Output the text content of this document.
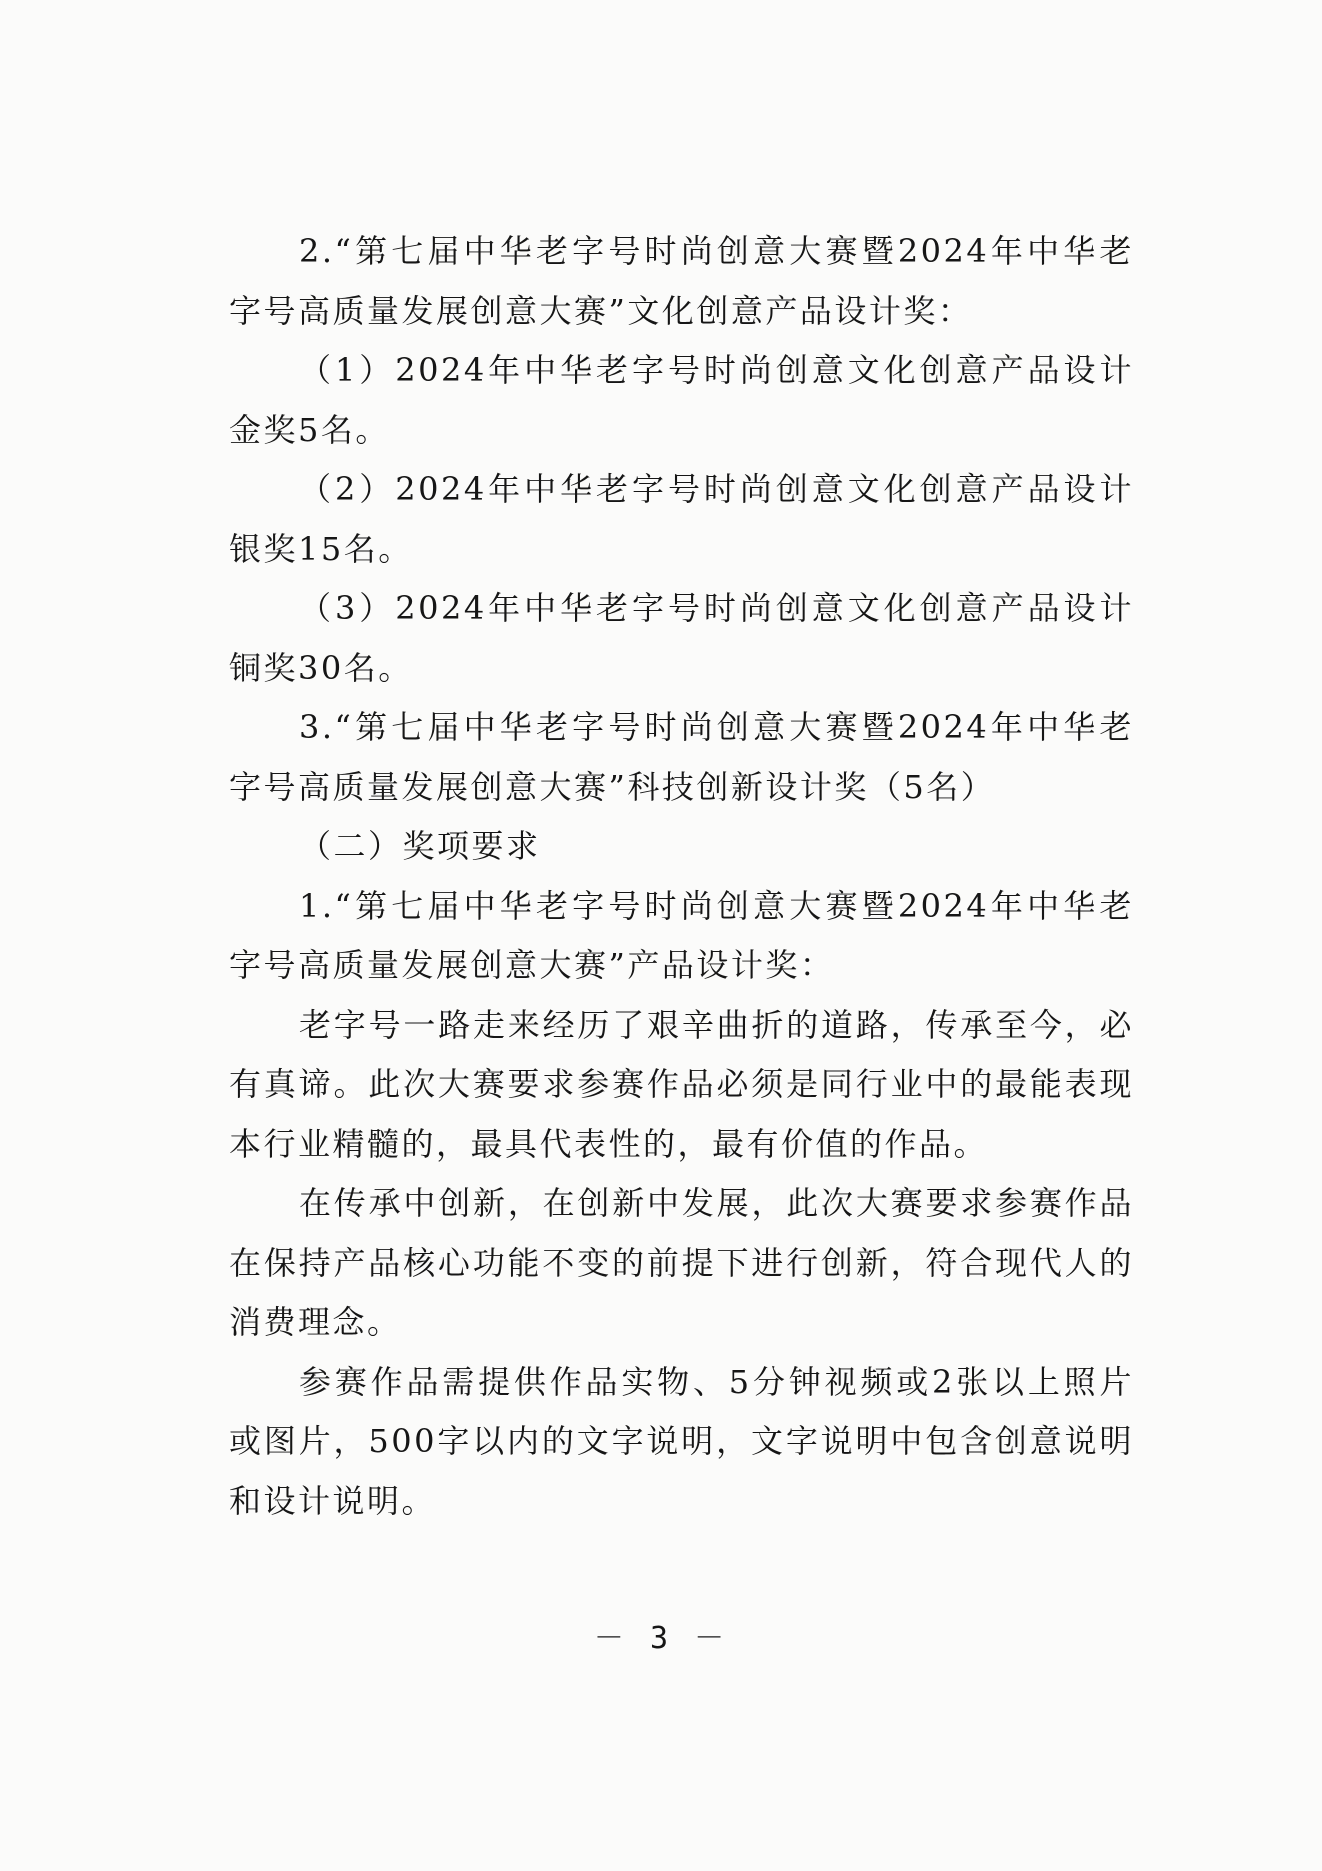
2.“第七届中华老字号时尚创意大赛暨2024年中华老字号高质量发展创意大赛”文化创意产品设计奖：

（1）2024年中华老字号时尚创意文化创意产品设计金奖5名。

（2）2024年中华老字号时尚创意文化创意产品设计银奖15名。

（3）2024年中华老字号时尚创意文化创意产品设计铜奖30名。

3.“第七届中华老字号时尚创意大赛暨2024年中华老字号高质量发展创意大赛”科技创新设计奖（5名）

（二）奖项要求

1.“第七届中华老字号时尚创意大赛暨2024年中华老字号高质量发展创意大赛”产品设计奖：

老字号一路走来经历了艰辛曲折的道路，传承至今，必有真谛。此次大赛要求参赛作品必须是同行业中的最能表现本行业精髓的，最具代表性的，最有价值的作品。

在传承中创新，在创新中发展，此次大赛要求参赛作品在保持产品核心功能不变的前提下进行创新，符合现代人的消费理念。

参赛作品需提供作品实物、5分钟视频或2张以上照片或图片，500字以内的文字说明，文字说明中包含创意说明和设计说明。

－ 3 －
